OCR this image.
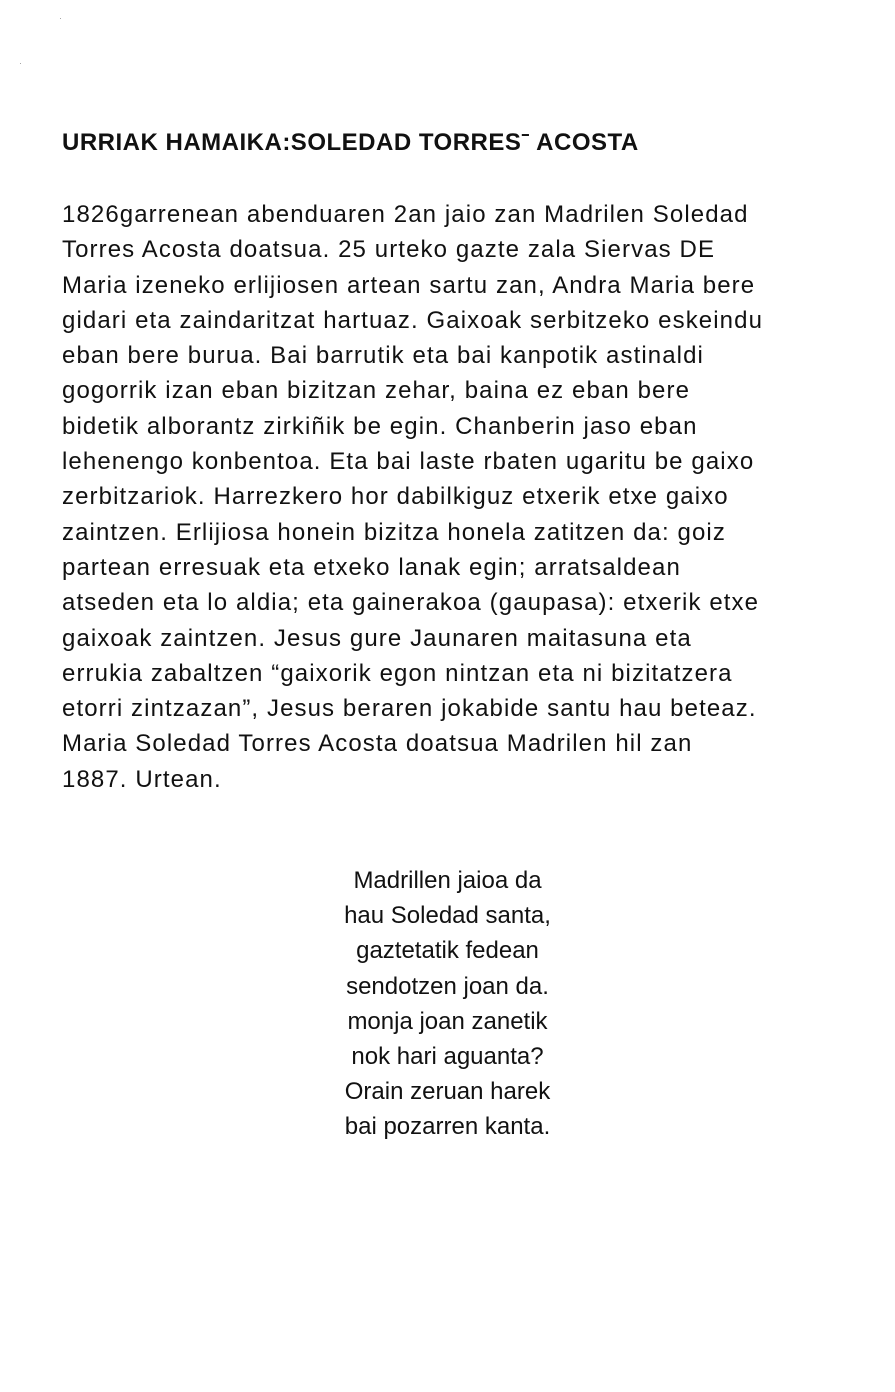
URRIAK HAMAIKA:SOLEDAD TORRESˉ ACOSTA
1826garrenean abenduaren 2an jaio zan Madrilen Soledad
Torres Acosta doatsua. 25 urteko gazte zala Siervas DE
Maria izeneko erlijiosen artean sartu zan, Andra Maria bere
gidari eta zaindaritzat hartuaz. Gaixoak serbitzeko eskeindu
eban bere burua. Bai barrutik eta bai kanpotik astinaldi
gogorrik izan eban bizitzan zehar, baina ez eban bere
bidetik alborantz zirkiñik be egin. Chanberin jaso eban
lehenengo konbentoa. Eta bai laste rbaten ugaritu be gaixo
zerbitzariok. Harrezkero hor dabilkiguz etxerik etxe gaixo
zaintzen. Erlijiosa honein bizitza honela zatitzen da: goiz
partean erresuak eta etxeko lanak egin; arratsaldean
atseden eta lo aldia; eta gainerakoa (gaupasa): etxerik etxe
gaixoak zaintzen. Jesus gure Jaunaren maitasuna eta
errukia zabaltzen “gaixorik egon nintzan eta ni bizitatzera
etorri zintzazan”, Jesus beraren jokabide santu hau beteaz.
Maria Soledad Torres Acosta doatsua Madrilen hil zan
1887. Urtean.
Madrillen jaioa da
hau Soledad santa,
gaztetatik fedean
sendotzen joan da.
monja joan zanetik
nok hari aguanta?
Orain zeruan harek
bai pozarren kanta.
